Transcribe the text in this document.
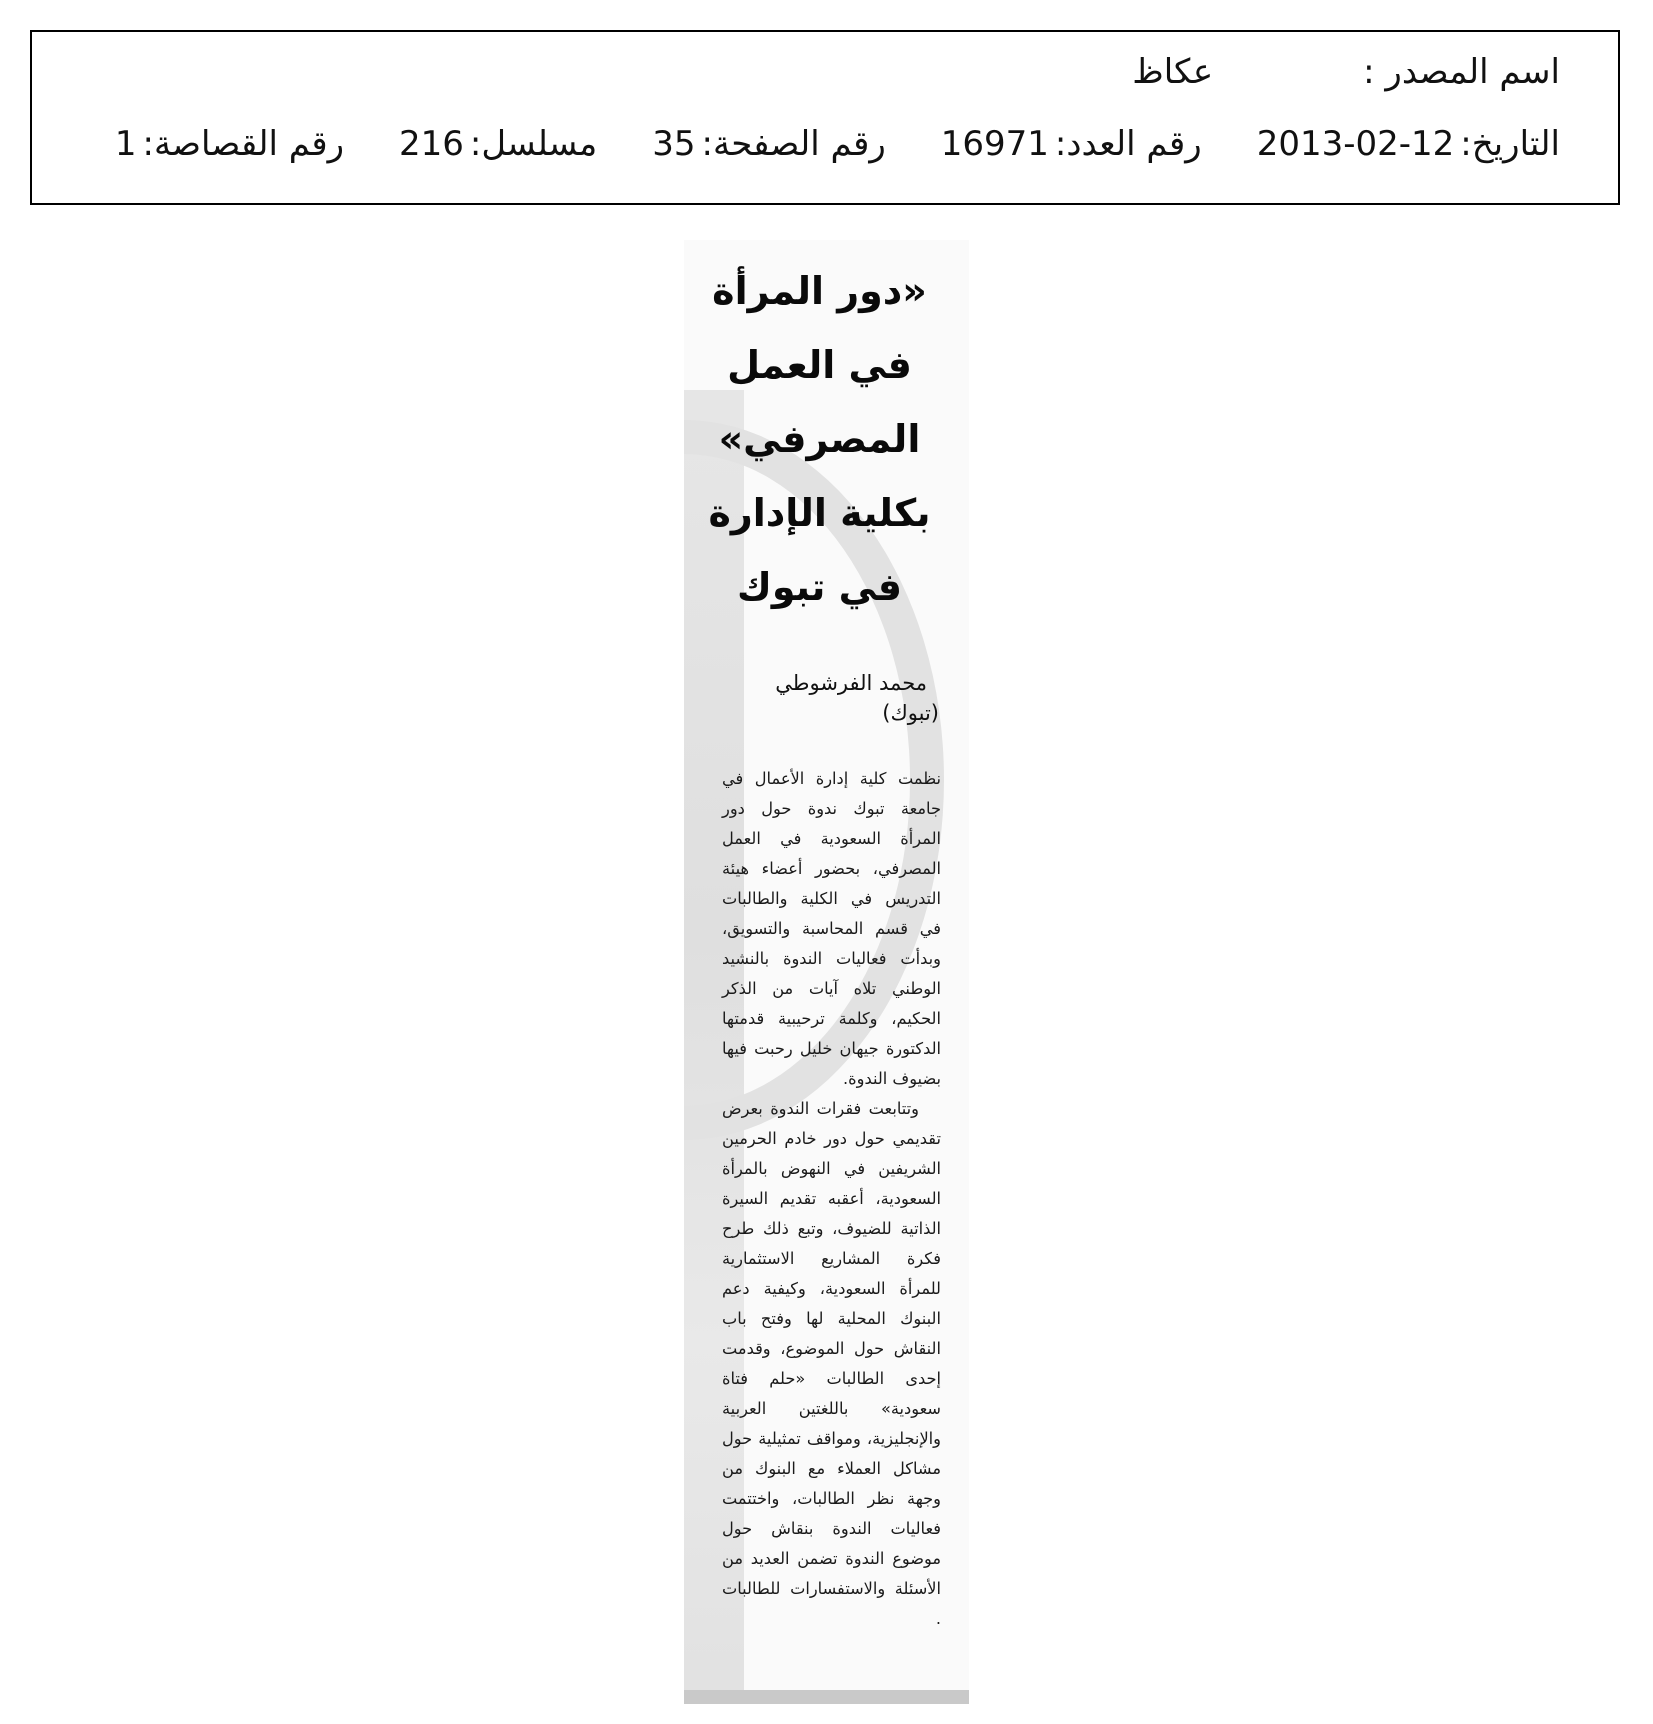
اسم المصدر :
عكاظ
التاريخ:
2013-02-12
رقم العدد:
16971
رقم الصفحة:
35
مسلسل:
216
رقم القصاصة:
1
«دور المرأة في العمل المصرفي» بكلية الإدارة في تبوك
محمد الفرشوطي
(تبوك)

نظمت كلية إدارة الأعمال في جامعة تبوك ندوة حول دور المرأة السعودية في العمل المصرفي، بحضور أعضاء هيئة التدريس في الكلية والطالبات في قسم المحاسبة والتسويق، وبدأت فعاليات الندوة بالنشيد الوطني تلاه آيات من الذكر الحكيم، وكلمة ترحيبية قدمتها الدكتورة جيهان خليل رحبت فيها بضيوف الندوة.

وتتابعت فقرات الندوة بعرض تقديمي حول دور خادم الحرمين الشريفين في النهوض بالمرأة السعودية، أعقبه تقديم السيرة الذاتية للضيوف، وتبع ذلك طرح فكرة المشاريع الاستثمارية للمرأة السعودية، وكيفية دعم البنوك المحلية لها وفتح باب النقاش حول الموضوع، وقدمت إحدى الطالبات «حلم فتاة سعودية» باللغتين العربية والإنجليزية، ومواقف تمثيلية حول مشاكل العملاء مع البنوك من وجهة نظر الطالبات، واختتمت فعاليات الندوة بنقاش حول موضوع الندوة تضمن العديد من الأسئلة والاستفسارات للطالبات .
